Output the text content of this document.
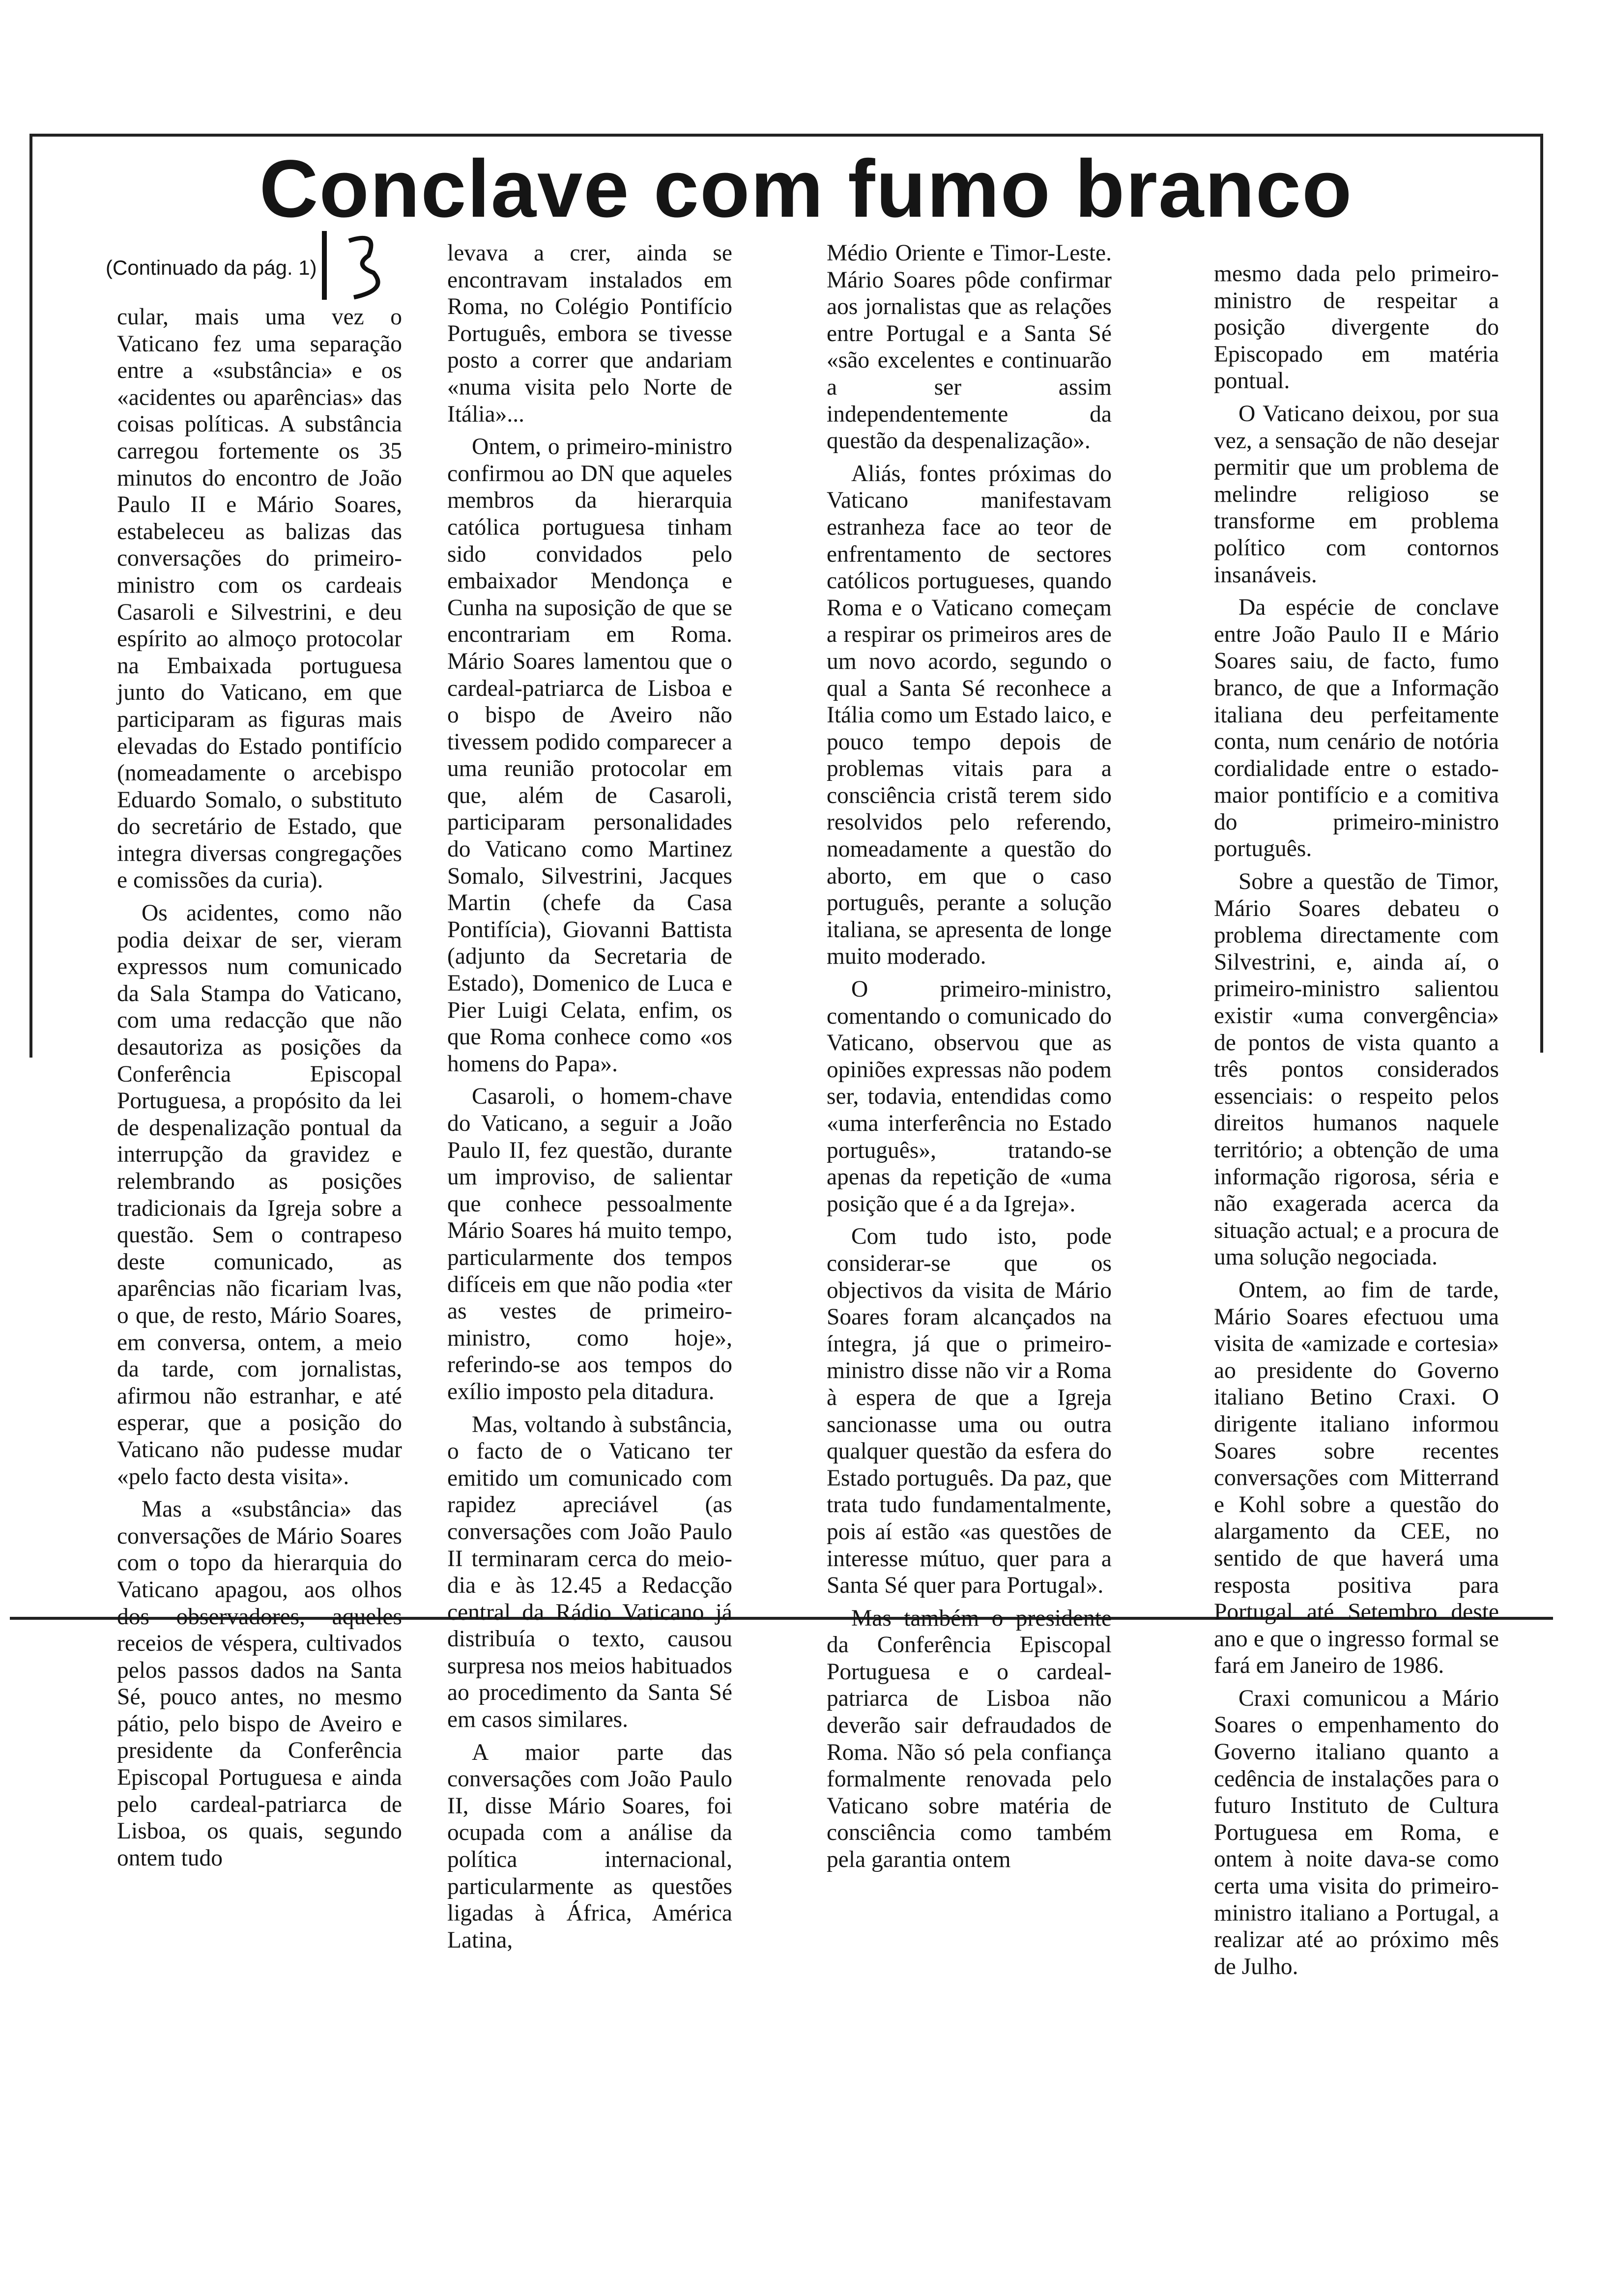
Conclave com fumo branco
(Continuado da pág. 1)

cular, mais uma vez o Vaticano fez uma separação entre a «substância» e os «acidentes ou aparências» das coisas políticas. A substância carregou fortemente os 35 minutos do encontro de João Paulo II e Mário Soares, estabeleceu as balizas das conversações do primeiro-ministro com os cardeais Casaroli e Silvestrini, e deu espírito ao almoço protocolar na Embaixada portuguesa junto do Vaticano, em que participaram as figuras mais elevadas do Estado pontifício (nomeadamente o arcebispo Eduardo Somalo, o substituto do secretário de Estado, que integra diversas congregações e comissões da curia).

Os acidentes, como não podia deixar de ser, vieram expressos num comunicado da Sala Stampa do Vaticano, com uma redacção que não desautoriza as posições da Conferência Episcopal Portuguesa, a propósito da lei de despenalização pontual da interrupção da gravidez e relembrando as posições tradicionais da Igreja sobre a questão. Sem o contrapeso deste comunicado, as aparências não ficariam lvas, o que, de resto, Mário Soares, em conversa, ontem, a meio da tarde, com jornalistas, afirmou não estranhar, e até esperar, que a posição do Vaticano não pudesse mudar «pelo facto desta visita».

Mas a «substância» das conversações de Mário Soares com o topo da hierarquia do Vaticano apagou, aos olhos dos observadores, aqueles receios de véspera, cultivados pelos passos dados na Santa Sé, pouco antes, no mesmo pátio, pelo bispo de Aveiro e presidente da Conferência Episcopal Portuguesa e ainda pelo cardeal-patriarca de Lisboa, os quais, segundo ontem tudo

levava a crer, ainda se encontravam instalados em Roma, no Colégio Pontifício Português, embora se tivesse posto a correr que andariam «numa visita pelo Norte de Itália»...

Ontem, o primeiro-ministro confirmou ao DN que aqueles membros da hierarquia católica portuguesa tinham sido convidados pelo embaixador Mendonça e Cunha na suposição de que se encontrariam em Roma. Mário Soares lamentou que o cardeal-patriarca de Lisboa e o bispo de Aveiro não tivessem podido comparecer a uma reunião protocolar em que, além de Casaroli, participaram personalidades do Vaticano como Martinez Somalo, Silvestrini, Jacques Martin (chefe da Casa Pontifícia), Giovanni Battista (adjunto da Secretaria de Estado), Domenico de Luca e Pier Luigi Celata, enfim, os que Roma conhece como «os homens do Papa».

Casaroli, o homem-chave do Vaticano, a seguir a João Paulo II, fez questão, durante um improviso, de salientar que conhece pessoalmente Mário Soares há muito tempo, particularmente dos tempos difíceis em que não podia «ter as vestes de primeiro-ministro, como hoje», referindo-se aos tempos do exílio imposto pela ditadura.

Mas, voltando à substância, o facto de o Vaticano ter emitido um comunicado com rapidez apreciável (as conversações com João Paulo II terminaram cerca do meio-dia e às 12.45 a Redacção central da Rádio Vaticano já distribuía o texto, causou surpresa nos meios habituados ao procedimento da Santa Sé em casos similares.

A maior parte das conversações com João Paulo II, disse Mário Soares, foi ocupada com a análise da política internacional, particularmente as questões ligadas à África, América Latina,

Médio Oriente e Timor-Leste. Mário Soares pôde confirmar aos jornalistas que as relações entre Portugal e a Santa Sé «são excelentes e continuarão a ser assim independentemente da questão da despenalização».

Aliás, fontes próximas do Vaticano manifestavam estranheza face ao teor de enfrentamento de sectores católicos portugueses, quando Roma e o Vaticano começam a respirar os primeiros ares de um novo acordo, segundo o qual a Santa Sé reconhece a Itália como um Estado laico, e pouco tempo depois de problemas vitais para a consciência cristã terem sido resolvidos pelo referendo, nomeadamente a questão do aborto, em que o caso português, perante a solução italiana, se apresenta de longe muito moderado.

O primeiro-ministro, comentando o comunicado do Vaticano, observou que as opiniões expressas não podem ser, todavia, entendidas como «uma interferência no Estado português», tratando-se apenas da repetição de «uma posição que é a da Igreja».

Com tudo isto, pode considerar-se que os objectivos da visita de Mário Soares foram alcançados na íntegra, já que o primeiro-ministro disse não vir a Roma à espera de que a Igreja sancionasse uma ou outra qualquer questão da esfera do Estado português. Da paz, que trata tudo fundamentalmente, pois aí estão «as questões de interesse mútuo, quer para a Santa Sé quer para Portugal».

Mas também o presidente da Conferência Episcopal Portuguesa e o cardeal-patriarca de Lisboa não deverão sair defraudados de Roma. Não só pela confiança formalmente renovada pelo Vaticano sobre matéria de consciência como também pela garantia ontem

mesmo dada pelo primeiro-ministro de respeitar a posição divergente do Episcopado em matéria pontual.

O Vaticano deixou, por sua vez, a sensação de não desejar permitir que um problema de melindre religioso se transforme em problema político com contornos insanáveis.

Da espécie de conclave entre João Paulo II e Mário Soares saiu, de facto, fumo branco, de que a Informação italiana deu perfeitamente conta, num cenário de notória cordialidade entre o estado-maior pontifício e a comitiva do primeiro-ministro português.

Sobre a questão de Timor, Mário Soares debateu o problema directamente com Silvestrini, e, ainda aí, o primeiro-ministro salientou existir «uma convergência» de pontos de vista quanto a três pontos considerados essenciais: o respeito pelos direitos humanos naquele território; a obtenção de uma informação rigorosa, séria e não exagerada acerca da situação actual; e a procura de uma solução negociada.

Ontem, ao fim de tarde, Mário Soares efectuou uma visita de «amizade e cortesia» ao presidente do Governo italiano Betino Craxi. O dirigente italiano informou Soares sobre recentes conversações com Mitterrand e Kohl sobre a questão do alargamento da CEE, no sentido de que haverá uma resposta positiva para Portugal até Setembro deste ano e que o ingresso formal se fará em Janeiro de 1986.

Craxi comunicou a Mário Soares o empenhamento do Governo italiano quanto a cedência de instalações para o futuro Instituto de Cultura Portuguesa em Roma, e ontem à noite dava-se como certa uma visita do primeiro-ministro italiano a Portugal, a realizar até ao próximo mês de Julho.
